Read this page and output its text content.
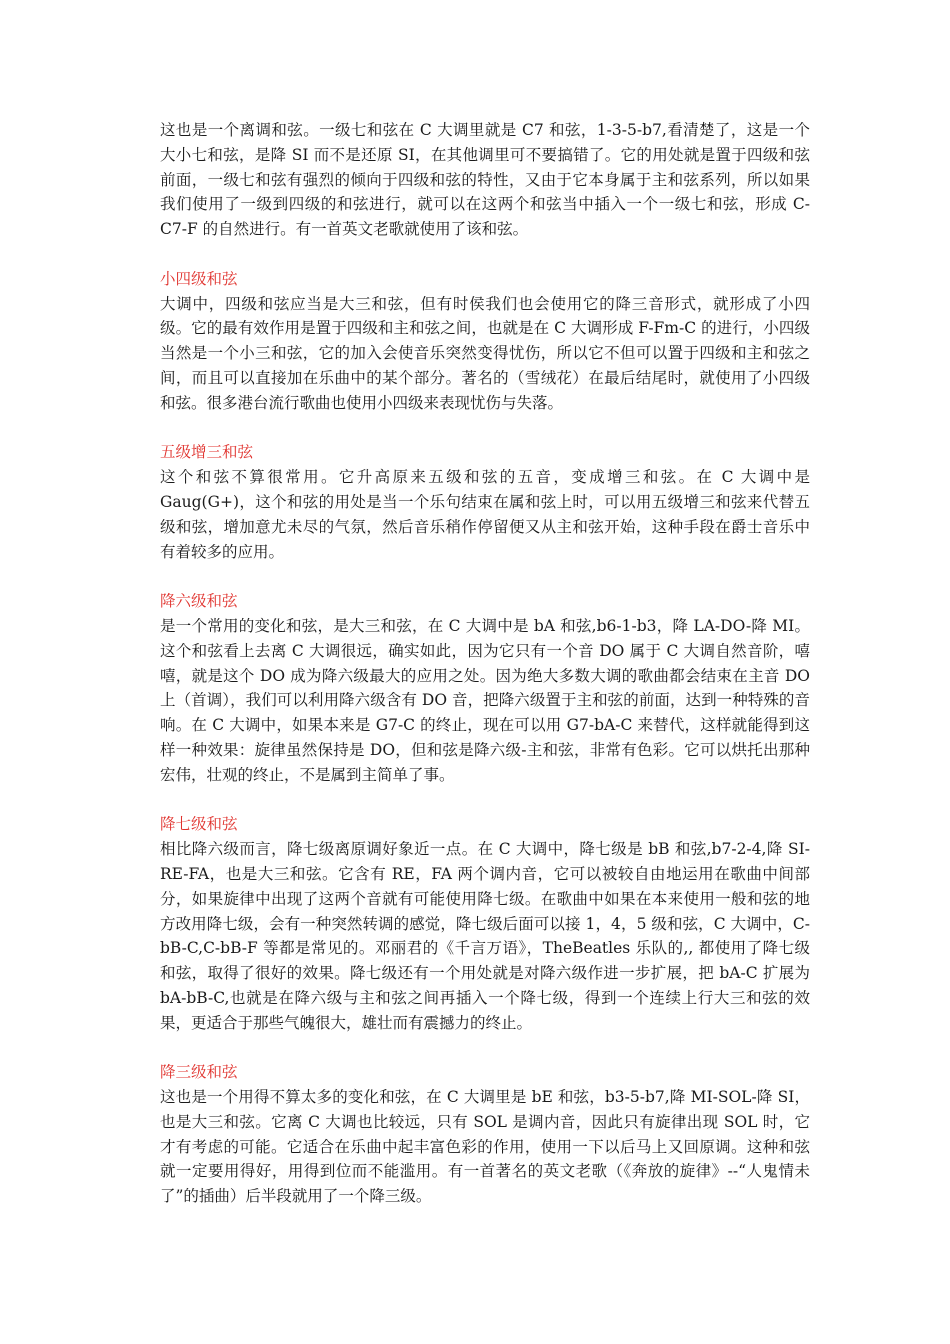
这也是一个离调和弦。一级七和弦在 C 大调里就是 C7 和弦，1-3-5-b7,看清楚了，这是一个大小七和弦，是降 SI 而不是还原 SI，在其他调里可不要搞错了。它的用处就是置于四级和弦前面，一级七和弦有强烈的倾向于四级和弦的特性，又由于它本身属于主和弦系列，所以如果我们使用了一级到四级的和弦进行，就可以在这两个和弦当中插入一个一级七和弦，形成 C-C7-F 的自然进行。有一首英文老歌就使用了该和弦。

小四级和弦

大调中，四级和弦应当是大三和弦，但有时侯我们也会使用它的降三音形式，就形成了小四级。它的最有效作用是置于四级和主和弦之间，也就是在 C 大调形成 F-Fm-C 的进行，小四级当然是一个小三和弦，它的加入会使音乐突然变得忧伤，所以它不但可以置于四级和主和弦之间，而且可以直接加在乐曲中的某个部分。著名的（雪绒花）在最后结尾时，就使用了小四级和弦。很多港台流行歌曲也使用小四级来表现忧伤与失落。

五级增三和弦

这个和弦不算很常用。它升高原来五级和弦的五音，变成增三和弦。在 C 大调中是 Gaug(G+)，这个和弦的用处是当一个乐句结束在属和弦上时，可以用五级增三和弦来代替五级和弦，增加意尤未尽的气氛，然后音乐稍作停留便又从主和弦开始，这种手段在爵士音乐中有着较多的应用。

降六级和弦

是一个常用的变化和弦，是大三和弦，在 C 大调中是 bA 和弦,b6-1-b3，降 LA-DO-降 MI。这个和弦看上去离 C 大调很远，确实如此，因为它只有一个音 DO 属于 C 大调自然音阶，嘻嘻，就是这个 DO 成为降六级最大的应用之处。因为绝大多数大调的歌曲都会结束在主音 DO 上（首调），我们可以利用降六级含有 DO 音，把降六级置于主和弦的前面，达到一种特殊的音响。在 C 大调中，如果本来是 G7-C 的终止，现在可以用 G7-bA-C 来替代，这样就能得到这样一种效果：旋律虽然保持是 DO，但和弦是降六级-主和弦，非常有色彩。它可以烘托出那种宏伟，壮观的终止，不是属到主简单了事。

降七级和弦

相比降六级而言，降七级离原调好象近一点。在 C 大调中，降七级是 bB 和弦,b7-2-4,降 SI-RE-FA，也是大三和弦。它含有 RE，FA 两个调内音，它可以被较自由地运用在歌曲中间部分，如果旋律中出现了这两个音就有可能使用降七级。在歌曲中如果在本来使用一般和弦的地方改用降七级，会有一种突然转调的感觉，降七级后面可以接 1，4，5 级和弦，C 大调中，C-bB-C,C-bB-F 等都是常见的。邓丽君的《千言万语》，TheBeatles 乐队的,, 都使用了降七级和弦，取得了很好的效果。降七级还有一个用处就是对降六级作进一步扩展，把 bA-C 扩展为 bA-bB-C,也就是在降六级与主和弦之间再插入一个降七级，得到一个连续上行大三和弦的效果，更适合于那些气魄很大，雄壮而有震撼力的终止。

降三级和弦

这也是一个用得不算太多的变化和弦，在 C 大调里是 bE 和弦，b3-5-b7,降 MI-SOL-降 SI，也是大三和弦。它离 C 大调也比较远，只有 SOL 是调内音，因此只有旋律出现 SOL 时，它才有考虑的可能。它适合在乐曲中起丰富色彩的作用，使用一下以后马上又回原调。这种和弦就一定要用得好，用得到位而不能滥用。有一首著名的英文老歌（《奔放的旋律》--“人鬼情未了”的插曲）后半段就用了一个降三级。
